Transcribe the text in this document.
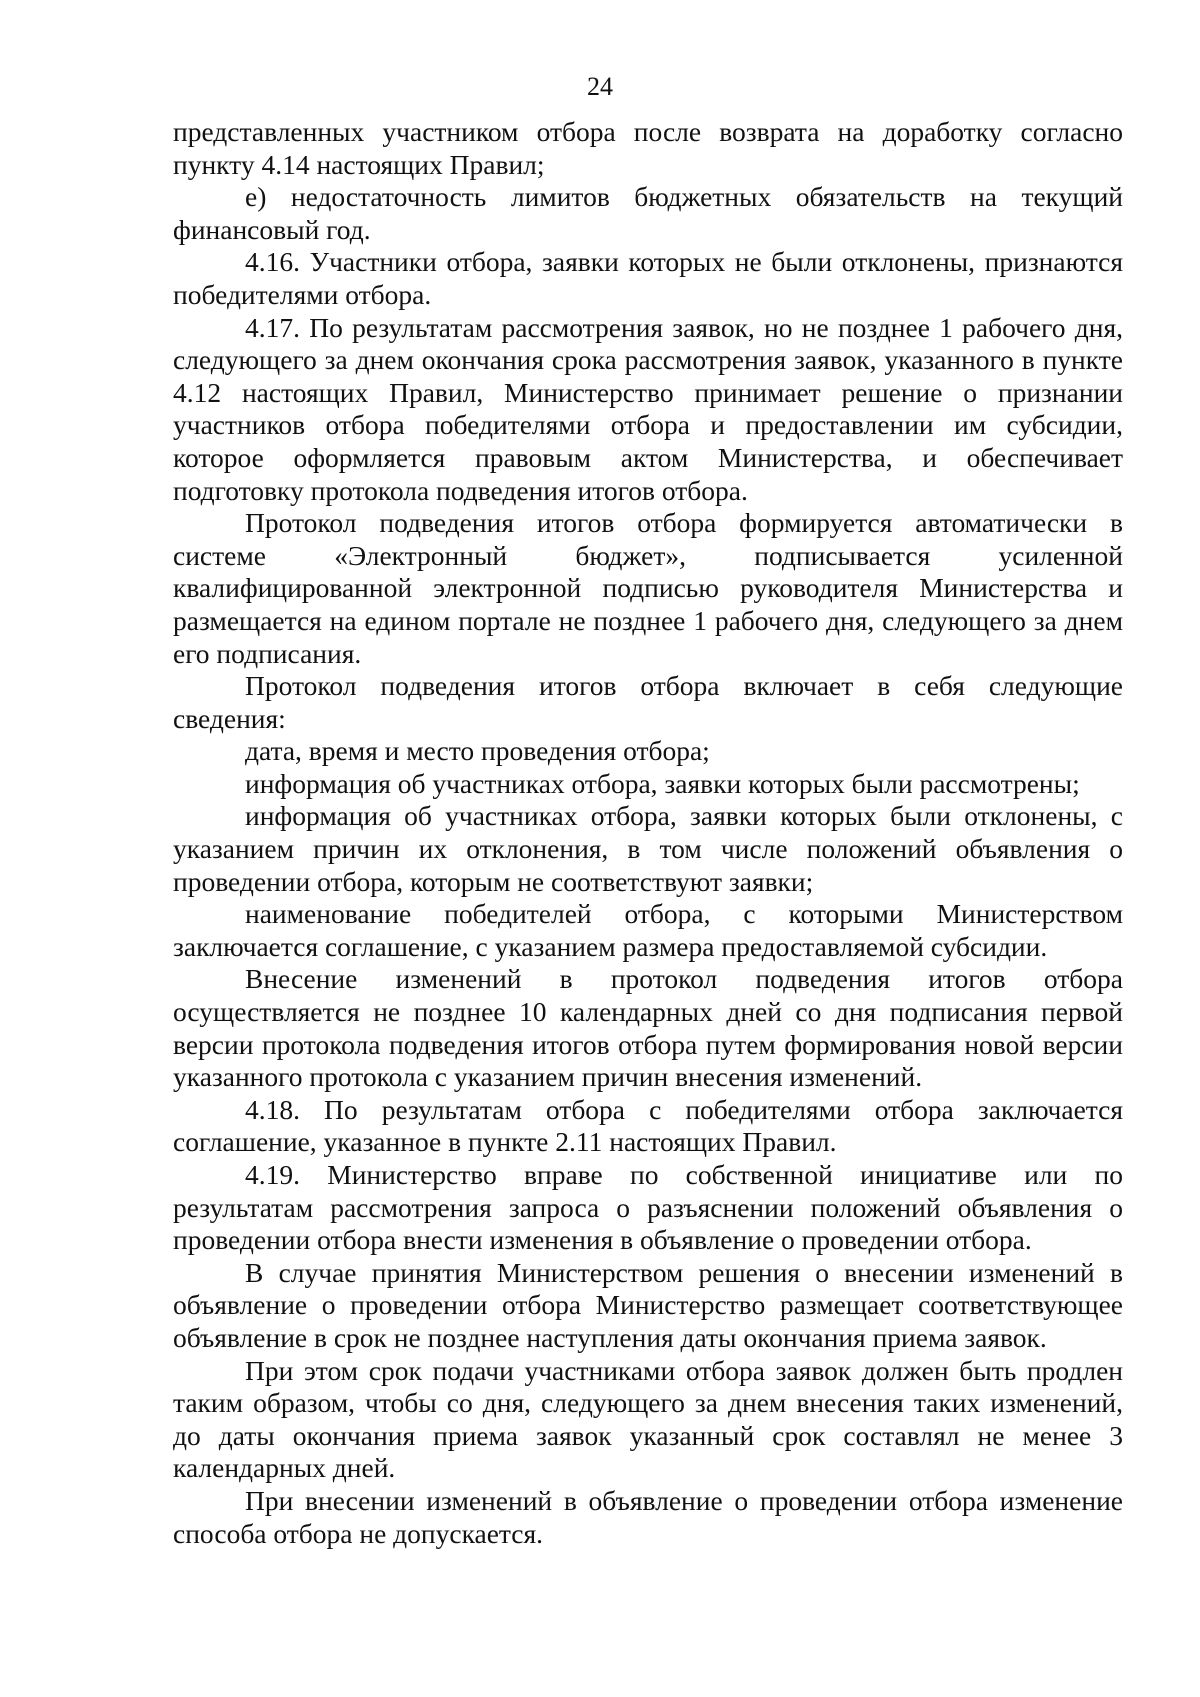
24

представленных участником отбора после возврата на доработку согласно пункту 4.14 настоящих Правил;

е) недостаточность лимитов бюджетных обязательств на текущий финансовый год.

4.16. Участники отбора, заявки которых не были отклонены, признаются победителями отбора.

4.17. По результатам рассмотрения заявок, но не позднее 1 рабочего дня, следующего за днем окончания срока рассмотрения заявок, указанного в пункте 4.12 настоящих Правил, Министерство принимает решение о признании участников отбора победителями отбора и предоставлении им субсидии, которое оформляется правовым актом Министерства, и обеспечивает подготовку протокола подведения итогов отбора.

Протокол подведения итогов отбора формируется автоматически в системе «Электронный бюджет», подписывается усиленной квалифицированной электронной подписью руководителя Министерства и размещается на едином портале не позднее 1 рабочего дня, следующего за днем его подписания.

Протокол подведения итогов отбора включает в себя следующие сведения:

дата, время и место проведения отбора;

информация об участниках отбора, заявки которых были рассмотрены;

информация об участниках отбора, заявки которых были отклонены, с указанием причин их отклонения, в том числе положений объявления о проведении отбора, которым не соответствуют заявки;

наименование победителей отбора, с которыми Министерством заключается соглашение, с указанием размера предоставляемой субсидии.

Внесение изменений в протокол подведения итогов отбора осуществляется не позднее 10 календарных дней со дня подписания первой версии протокола подведения итогов отбора путем формирования новой версии указанного протокола с указанием причин внесения изменений.

4.18. По результатам отбора с победителями отбора заключается соглашение, указанное в пункте 2.11 настоящих Правил.

4.19. Министерство вправе по собственной инициативе или по результатам рассмотрения запроса о разъяснении положений объявления о проведении отбора внести изменения в объявление о проведении отбора.

В случае принятия Министерством решения о внесении изменений в объявление о проведении отбора Министерство размещает соответствующее объявление в срок не позднее наступления даты окончания приема заявок.

При этом срок подачи участниками отбора заявок должен быть продлен таким образом, чтобы со дня, следующего за днем внесения таких изменений, до даты окончания приема заявок указанный срок составлял не менее 3 календарных дней.

При внесении изменений в объявление о проведении отбора изменение способа отбора не допускается.
